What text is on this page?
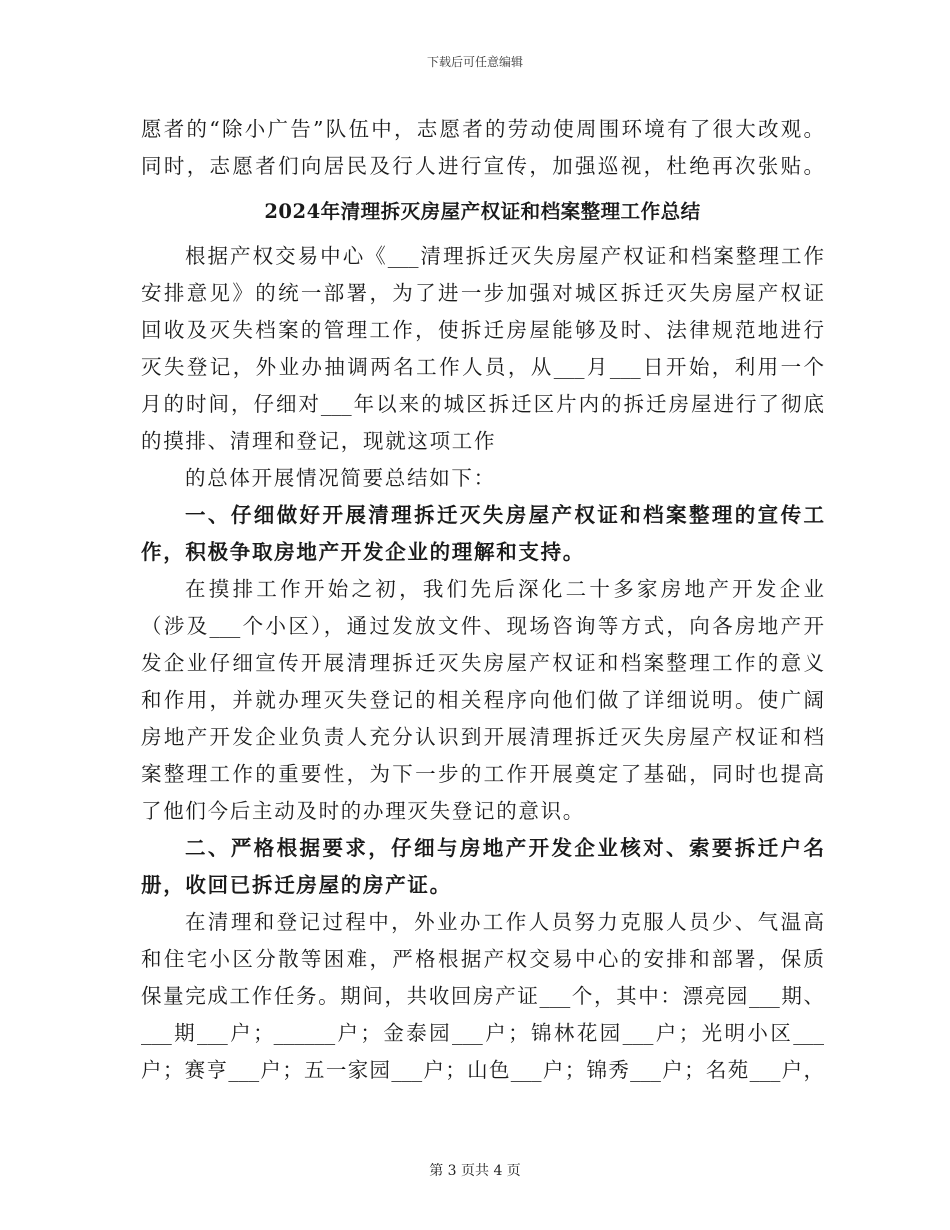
下载后可任意编辑
愿者的“除小广告”队伍中，志愿者的劳动使周围环境有了很大改观。
同时，志愿者们向居民及行人进行宣传，加强巡视，杜绝再次张贴。
2024年清理拆灭房屋产权证和档案整理工作总结
根据产权交易中心《___清理拆迁灭失房屋产权证和档案整理工作
安排意见》的统一部署，为了进一步加强对城区拆迁灭失房屋产权证
回收及灭失档案的管理工作，使拆迁房屋能够及时、法律规范地进行
灭失登记，外业办抽调两名工作人员，从___月___日开始，利用一个
月的时间，仔细对___年以来的城区拆迁区片内的拆迁房屋进行了彻底
的摸排、清理和登记，现就这项工作
的总体开展情况简要总结如下：
一、仔细做好开展清理拆迁灭失房屋产权证和档案整理的宣传工
作，积极争取房地产开发企业的理解和支持。
在摸排工作开始之初，我们先后深化二十多家房地产开发企业
（涉及___个小区），通过发放文件、现场咨询等方式，向各房地产开
发企业仔细宣传开展清理拆迁灭失房屋产权证和档案整理工作的意义
和作用，并就办理灭失登记的相关程序向他们做了详细说明。使广阔
房地产开发企业负责人充分认识到开展清理拆迁灭失房屋产权证和档
案整理工作的重要性，为下一步的工作开展奠定了基础，同时也提高
了他们今后主动及时的办理灭失登记的意识。
二、严格根据要求，仔细与房地产开发企业核对、索要拆迁户名
册，收回已拆迁房屋的房产证。
在清理和登记过程中，外业办工作人员努力克服人员少、气温高
和住宅小区分散等困难，严格根据产权交易中心的安排和部署，保质
保量完成工作任务。期间，共收回房产证___个，其中：漂亮园___期、
___期___户；______户；金泰园___户；锦林花园___户；光明小区___
户；赛亨___户；五一家园___户；山色___户；锦秀___户；名苑___户，
第 3 页共 4 页
